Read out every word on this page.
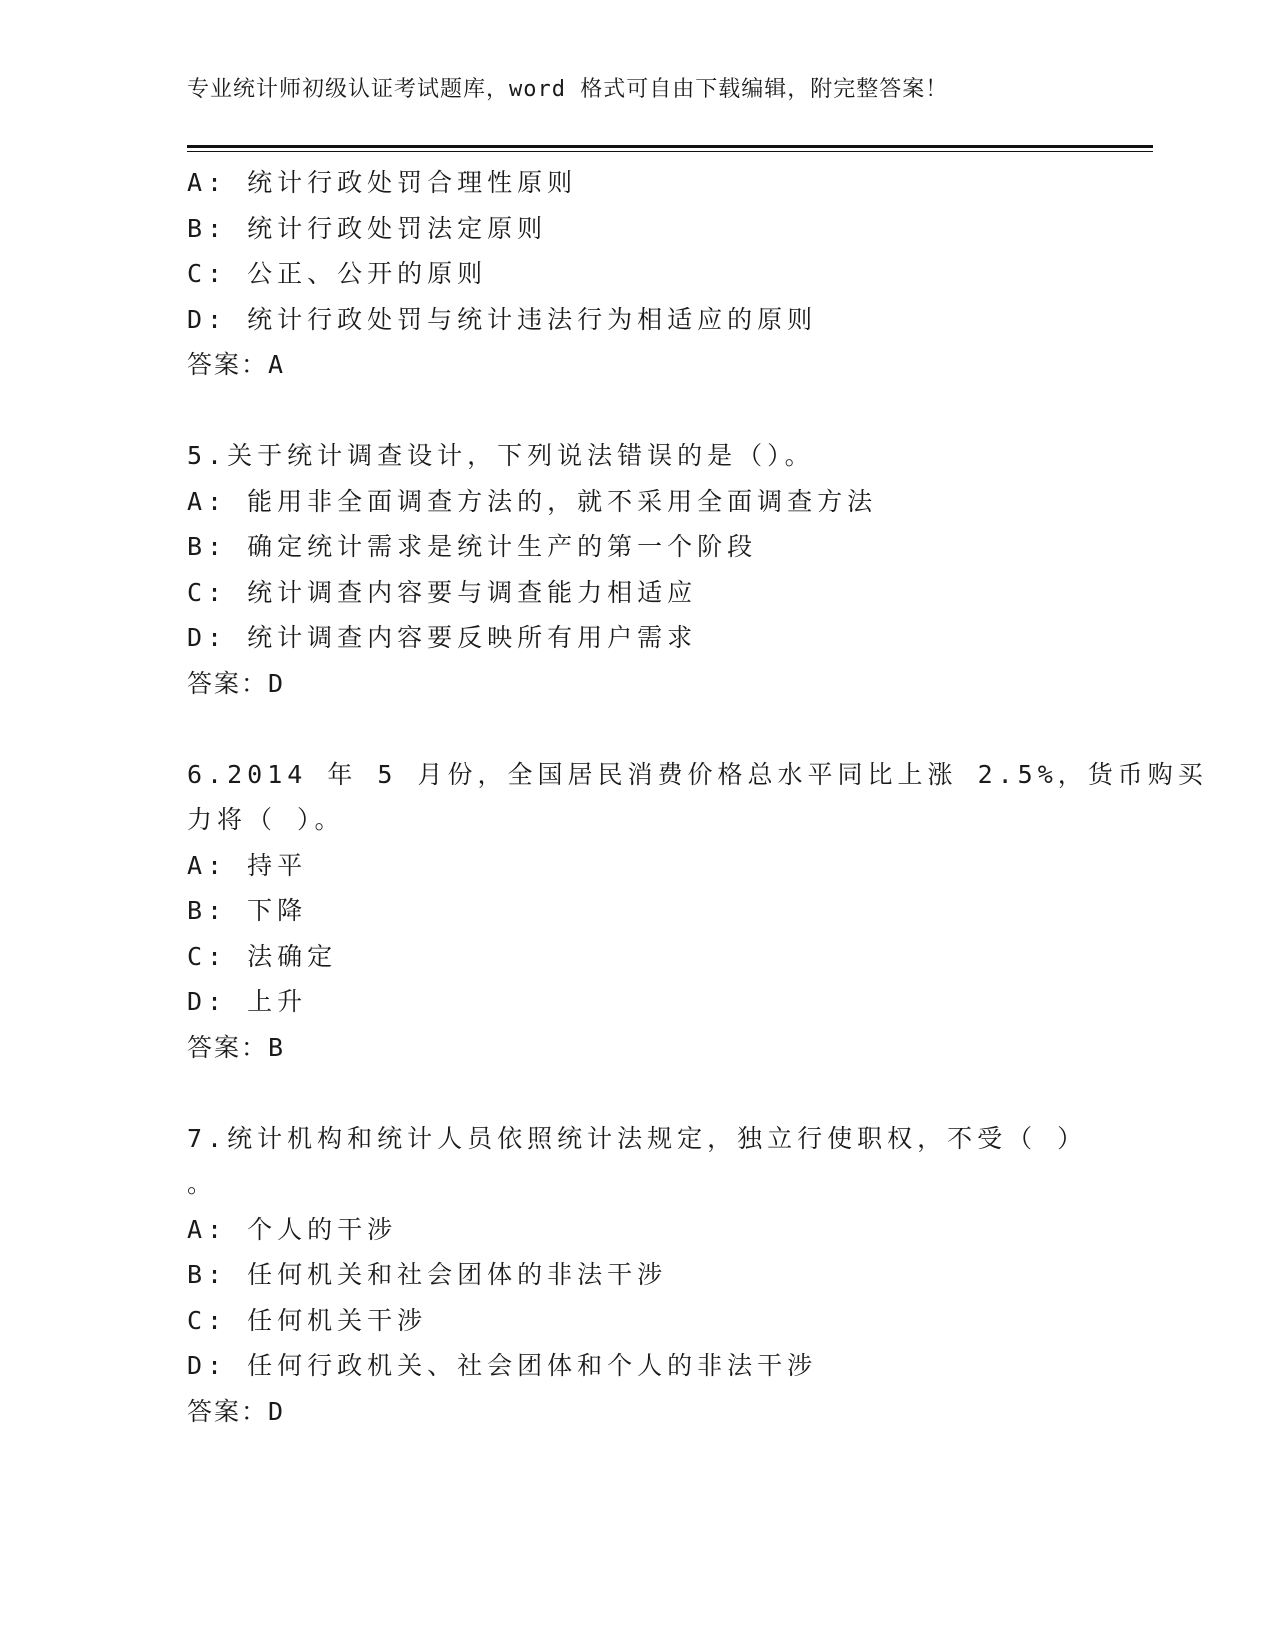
专业统计师初级认证考试题库，word 格式可自由下载编辑，附完整答案！
A: 统计行政处罚合理性原则
B: 统计行政处罚法定原则
C: 公正、公开的原则
D: 统计行政处罚与统计违法行为相适应的原则
答案：A
5.关于统计调查设计，下列说法错误的是（）。
A: 能用非全面调查方法的，就不采用全面调查方法
B: 确定统计需求是统计生产的第一个阶段
C: 统计调查内容要与调查能力相适应
D: 统计调查内容要反映所有用户需求
答案：D
6.2014 年 5 月份，全国居民消费价格总水平同比上涨 2.5%，货币购买
力将（ ）。
A: 持平
B: 下降
C: 法确定
D: 上升
答案：B
7.统计机构和统计人员依照统计法规定，独立行使职权，不受（ ）
。
A: 个人的干涉
B: 任何机关和社会团体的非法干涉
C: 任何机关干涉
D: 任何行政机关、社会团体和个人的非法干涉
答案：D
